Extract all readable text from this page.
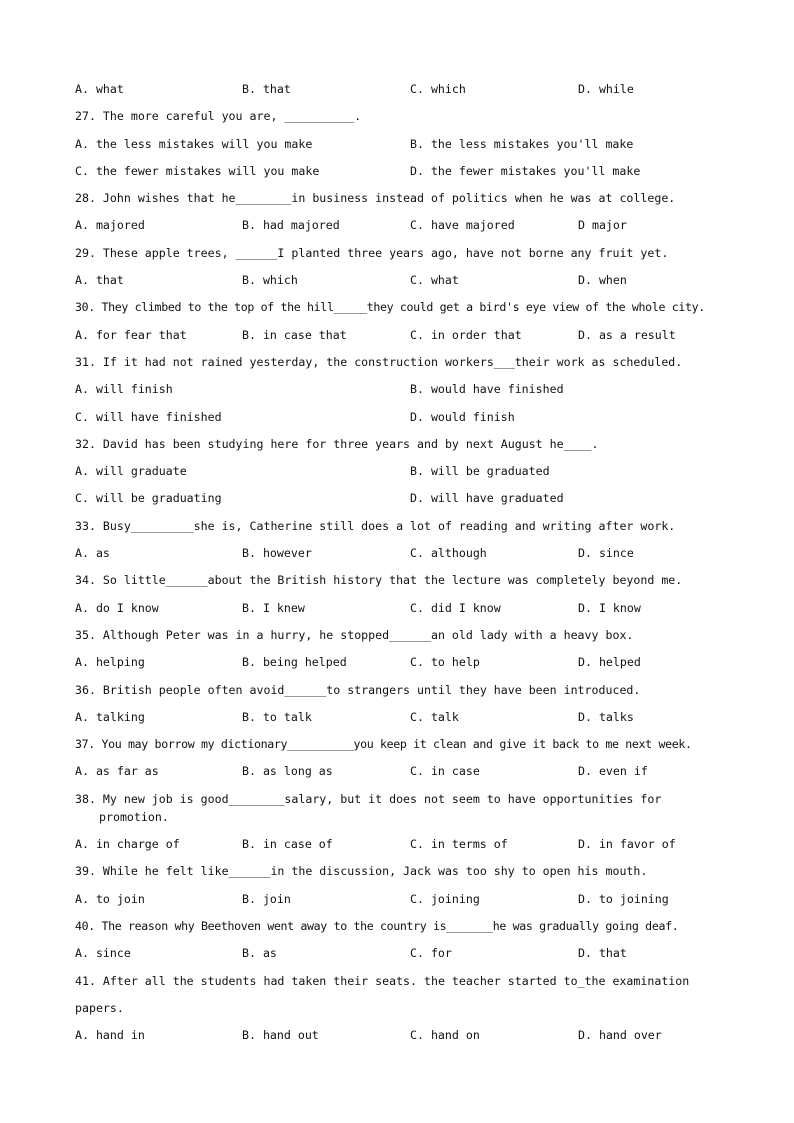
A. what	B. that	C. which	D. while
27. The more careful you are, __________.
A. the less mistakes will you make	B. the less mistakes you'll make
C. the fewer mistakes will you make	D. the fewer mistakes you'll make
28. John wishes that he________in business instead of politics when he was at college.
A. majored	B. had majored	C. have majored	D major
29. These apple trees, ______I planted three years ago, have not borne any fruit yet.
A. that	B. which	C. what	D. when
30. They climbed to the top of the hill_____they could get a bird's eye view of the whole city.
A. for fear that	B. in case that	C. in order that	D. as a result
31. If it had not rained yesterday, the construction workers___their work as scheduled.
A. will finish	B. would have finished
C. will have finished	D. would finish
32. David has been studying here for three years and by next August he____.
A. will graduate	B. will be graduated
C. will be graduating	D. will have graduated
33. Busy_________she is, Catherine still does a lot of reading and writing after work.
A. as	B. however	C. although	D. since
34. So little______about the British history that the lecture was completely beyond me.
A. do I know	B. I knew	C. did I know	D. I know
35. Although Peter was in a hurry, he stopped______an old lady with a heavy box.
A. helping	B. being helped	C. to help	D. helped
36. British people often avoid______to strangers until they have been introduced.
A. talking	B. to talk	C. talk	D. talks
37. You may borrow my dictionary__________you keep it clean and give it back to me next week.
A. as far as	B. as long as	C. in case	D. even if
38. My new job is good________salary, but it does not seem to have opportunities for
promotion.
A. in charge of	B. in case of	C. in terms of	D. in favor of
39. While he felt like______in the discussion, Jack was too shy to open his mouth.
A. to join	B. join	C. joining	D. to joining
40. The reason why Beethoven went away to the country is_______he was gradually going deaf.
A. since	B. as	C. for	D. that
41. After all the students had taken their seats. the teacher started to_the examination
papers.
A. hand in	B. hand out	C. hand on	D. hand over
